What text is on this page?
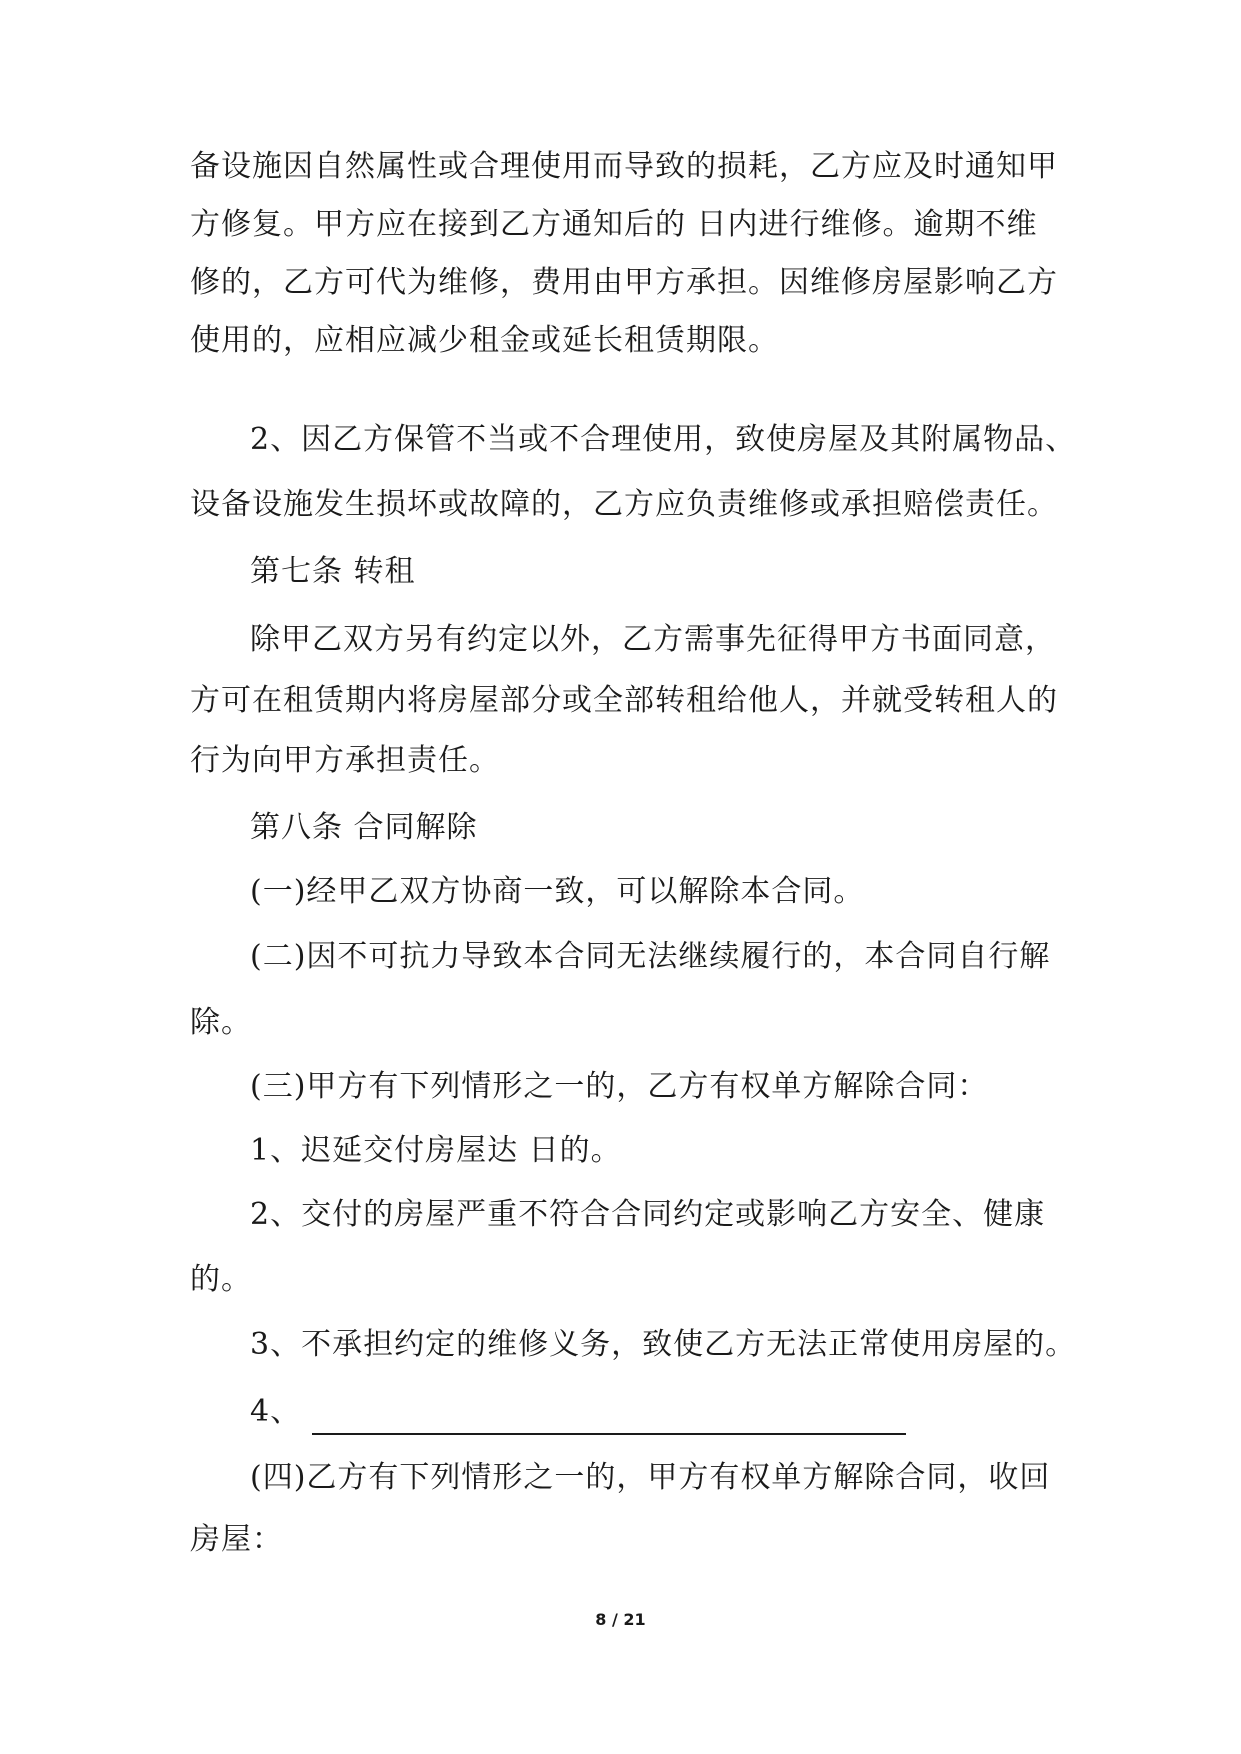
备设施因自然属性或合理使用而导致的损耗，乙方应及时通知甲
方修复。甲方应在接到乙方通知后的 日内进行维修。逾期不维
修的，乙方可代为维修，费用由甲方承担。因维修房屋影响乙方
使用的，应相应减少租金或延长租赁期限。
2、因乙方保管不当或不合理使用，致使房屋及其附属物品、
设备设施发生损坏或故障的，乙方应负责维修或承担赔偿责任。
第七条 转租
除甲乙双方另有约定以外，乙方需事先征得甲方书面同意，
方可在租赁期内将房屋部分或全部转租给他人，并就受转租人的
行为向甲方承担责任。
第八条 合同解除
(一)经甲乙双方协商一致，可以解除本合同。
(二)因不可抗力导致本合同无法继续履行的，本合同自行解
除。
(三)甲方有下列情形之一的，乙方有权单方解除合同：
1、迟延交付房屋达 日的。
2、交付的房屋严重不符合合同约定或影响乙方安全、健康
的。
3、不承担约定的维修义务，致使乙方无法正常使用房屋的。
4、
(四)乙方有下列情形之一的，甲方有权单方解除合同，收回
房屋：
8 / 21
